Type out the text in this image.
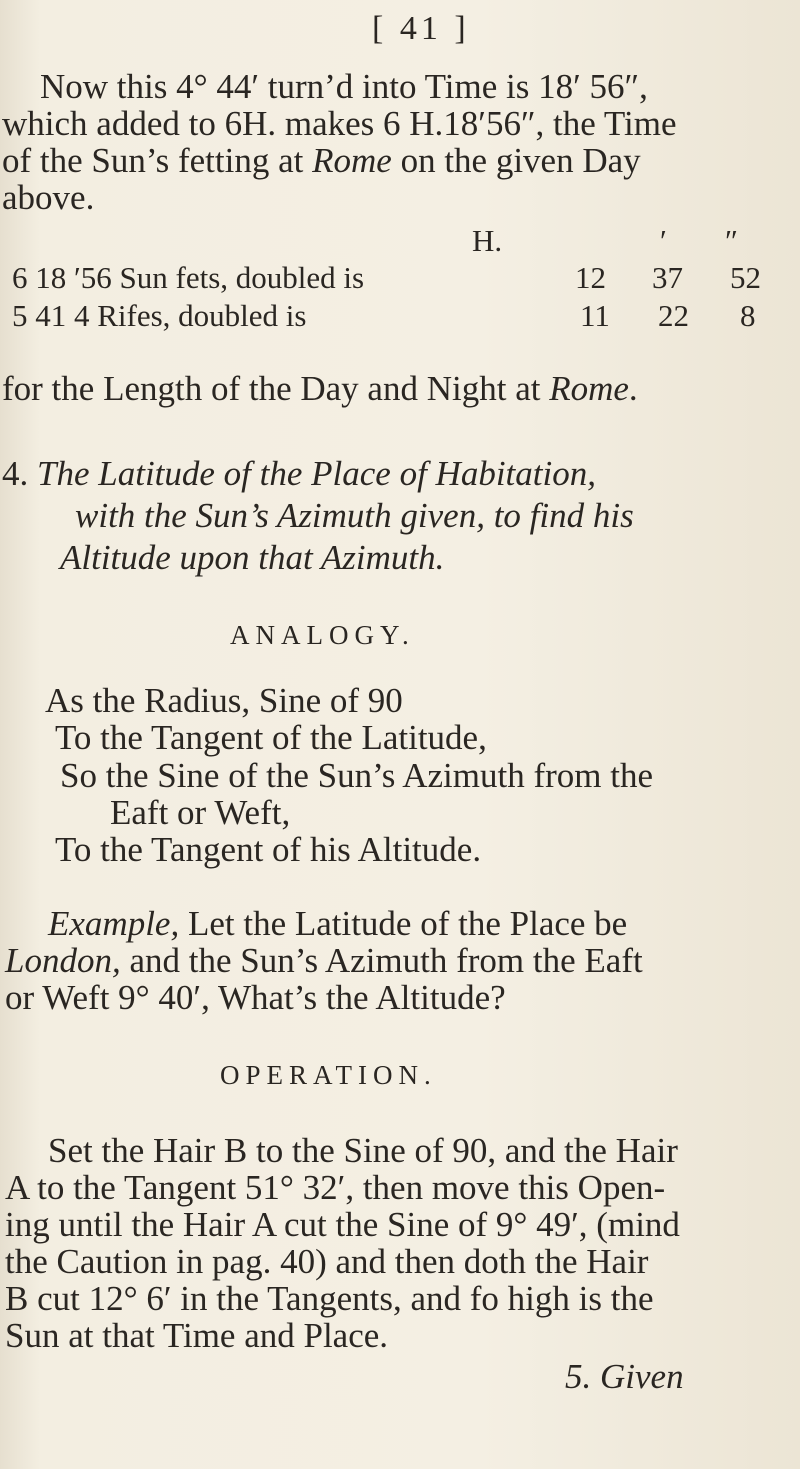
[ 41 ]
Now this 4° 44′ turn’d into Time is 18′ 56″,
which added to 6H. makes 6 H.18′56″, the Time
of the Sun’s fetting at Rome on the given Day
above.
H.	′ ″
6 18 ′56 Sun fets, doubled is	12 37 52
5 41 4 Rifes, doubled is	11 22 8
for the Length of the Day and Night at Rome.
4. The Latitude of the Place of Habitation,
with the Sun’s Azimuth given, to find his
Altitude upon that Azimuth.
ANALOGY.
As the Radius, Sine of 90
To the Tangent of the Latitude,
So the Sine of the Sun’s Azimuth from the
Eaft or Weft,
To the Tangent of his Altitude.
Example, Let the Latitude of the Place be
London, and the Sun’s Azimuth from the Eaft
or Weft 9° 40′, What’s the Altitude?
OPERATION.
Set the Hair B to the Sine of 90, and the Hair
A to the Tangent 51° 32′, then move this Open-
ing until the Hair A cut the Sine of 9° 49′, (mind
the Caution in pag. 40) and then doth the Hair
B cut 12° 6′ in the Tangents, and fo high is the
Sun at that Time and Place.
5. Given
